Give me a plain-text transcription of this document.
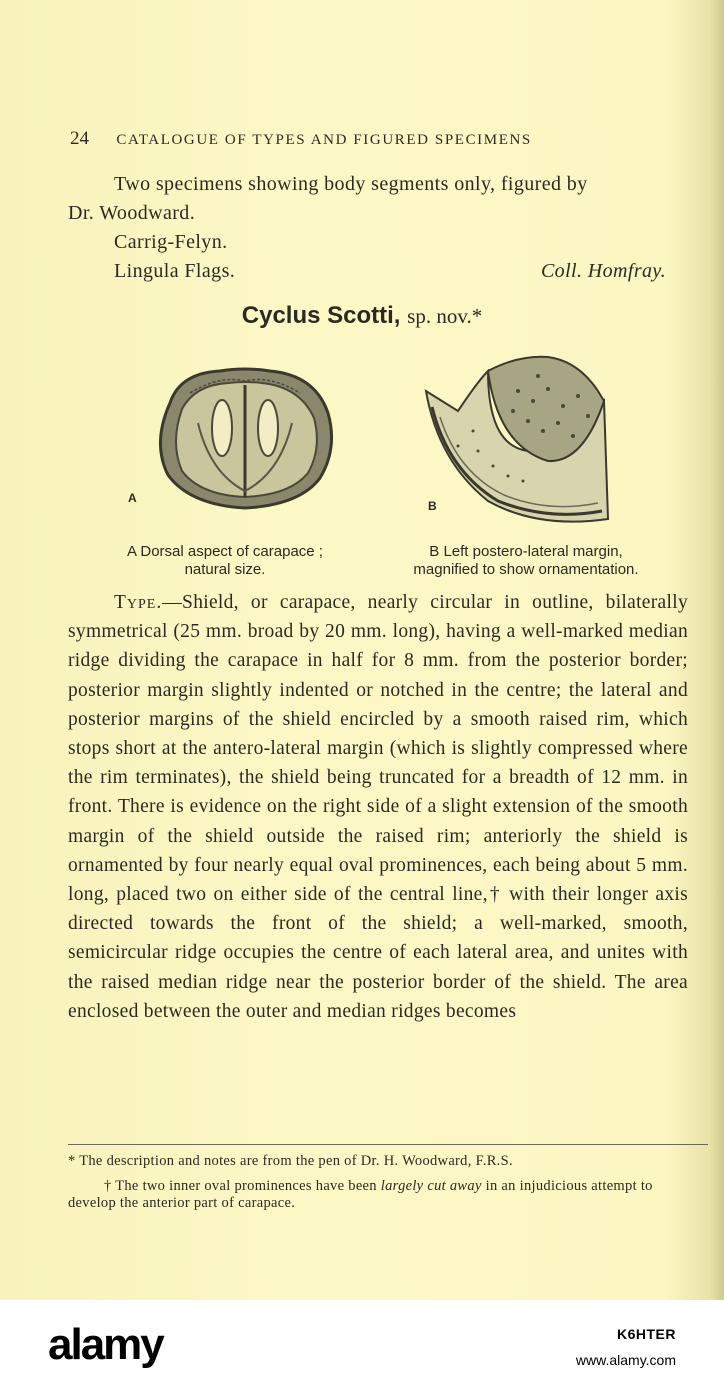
24 CATALOGUE OF TYPES AND FIGURED SPECIMENS
Two specimens showing body segments only, figured by
Dr. Woodward.
Carrig-Felyn.
Lingula Flags.	Coll. Homfray.
Cyclus Scotti, sp. nov.*
A
B
A Dorsal aspect of carapace ;
natural size.
B Left postero-lateral margin,
magnified to show ornamentation.
Type.—Shield, or carapace, nearly circular in outline, bilaterally symmetrical (25 mm. broad by 20 mm. long), having a well-marked median ridge dividing the carapace in half for 8 mm. from the posterior border; posterior margin slightly indented or notched in the centre; the lateral and posterior margins of the shield encircled by a smooth raised rim, which stops short at the antero-lateral margin (which is slightly compressed where the rim terminates), the shield being truncated for a breadth of 12 mm. in front. There is evidence on the right side of a slight extension of the smooth margin of the shield outside the raised rim; anteriorly the shield is ornamented by four nearly equal oval prominences, each being about 5 mm. long, placed two on either side of the central line,† with their longer axis directed towards the front of the shield; a well-marked, smooth, semicircular ridge occupies the centre of each lateral area, and unites with the raised median ridge near the posterior border of the shield. The area enclosed between the outer and median ridges becomes
* The description and notes are from the pen of Dr. H. Woodward, F.R.S.
† The two inner oval prominences have been largely cut away in an injudicious attempt to develop the anterior part of carapace.
alamy	K6HTER
www.alamy.com
